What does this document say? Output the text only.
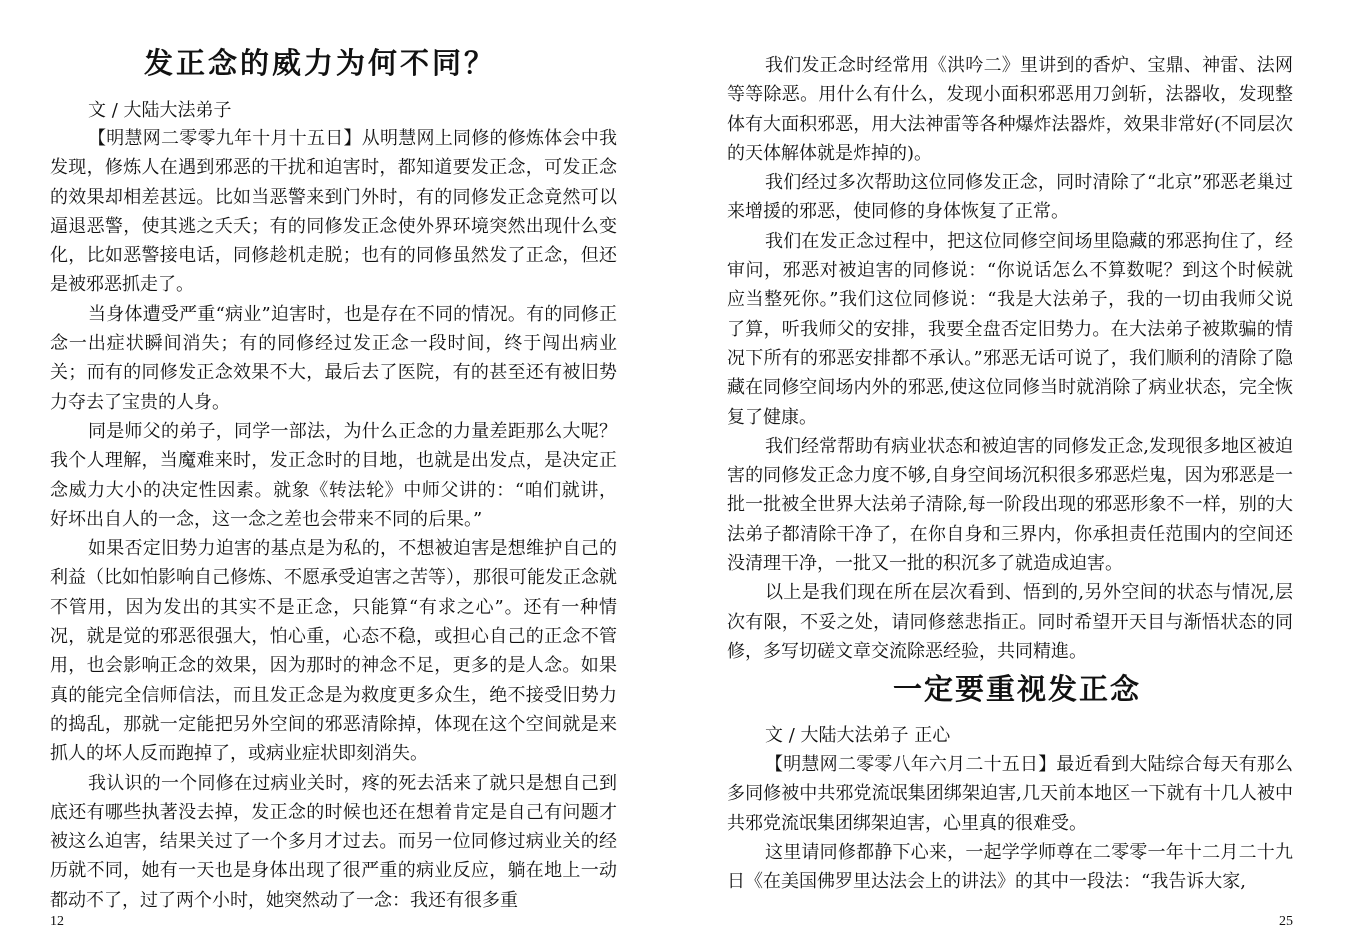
发正念的威力为何不同？
文 / 大陆大法弟子

【明慧网二零零九年十月十五日】从明慧网上同修的修炼体会中我发现，修炼人在遇到邪恶的干扰和迫害时，都知道要发正念，可发正念的效果却相差甚远。比如当恶警来到门外时，有的同修发正念竟然可以逼退恶警，使其逃之夭夭；有的同修发正念使外界环境突然出现什么变化，比如恶警接电话，同修趁机走脱；也有的同修虽然发了正念，但还是被邪恶抓走了。

当身体遭受严重“病业”迫害时，也是存在不同的情况。有的同修正念一出症状瞬间消失；有的同修经过发正念一段时间，终于闯出病业关；而有的同修发正念效果不大，最后去了医院，有的甚至还有被旧势力夺去了宝贵的人身。

同是师父的弟子，同学一部法，为什么正念的力量差距那么大呢？我个人理解，当魔难来时，发正念时的目地，也就是出发点，是决定正念威力大小的决定性因素。就象《转法轮》中师父讲的：“咱们就讲，好坏出自人的一念，这一念之差也会带来不同的后果。”

如果否定旧势力迫害的基点是为私的，不想被迫害是想维护自己的利益（比如怕影响自己修炼、不愿承受迫害之苦等），那很可能发正念就不管用，因为发出的其实不是正念，只能算“有求之心”。还有一种情况，就是觉的邪恶很强大，怕心重，心态不稳，或担心自己的正念不管用，也会影响正念的效果，因为那时的神念不足，更多的是人念。如果真的能完全信师信法，而且发正念是为救度更多众生，绝不接受旧势力的捣乱，那就一定能把另外空间的邪恶清除掉，体现在这个空间就是来抓人的坏人反而跑掉了，或病业症状即刻消失。

我认识的一个同修在过病业关时，疼的死去活来了就只是想自己到底还有哪些执著没去掉，发正念的时候也还在想着肯定是自己有问题才被这么迫害，结果关过了一个多月才过去。而另一位同修过病业关的经历就不同，她有一天也是身体出现了很严重的病业反应，躺在地上一动都动不了，过了两个小时，她突然动了一念：我还有很多重

12

我们发正念时经常用《洪吟二》里讲到的香炉、宝鼎、神雷、法网等等除恶。用什么有什么，发现小面积邪恶用刀剑斩，法器收，发现整体有大面积邪恶，用大法神雷等各种爆炸法器炸，效果非常好(不同层次的天体解体就是炸掉的)。

我们经过多次帮助这位同修发正念，同时清除了“北京”邪恶老巢过来增援的邪恶，使同修的身体恢复了正常。

我们在发正念过程中，把这位同修空间场里隐藏的邪恶拘住了，经审问，邪恶对被迫害的同修说：“你说话怎么不算数呢？到这个时候就应当整死你。”我们这位同修说：“我是大法弟子，我的一切由我师父说了算，听我师父的安排，我要全盘否定旧势力。在大法弟子被欺骗的情况下所有的邪恶安排都不承认。”邪恶无话可说了，我们顺利的清除了隐藏在同修空间场内外的邪恶,使这位同修当时就消除了病业状态，完全恢复了健康。

我们经常帮助有病业状态和被迫害的同修发正念,发现很多地区被迫害的同修发正念力度不够,自身空间场沉积很多邪恶烂鬼，因为邪恶是一批一批被全世界大法弟子清除,每一阶段出现的邪恶形象不一样，别的大法弟子都清除干净了，在你自身和三界内，你承担责任范围内的空间还没清理干净，一批又一批的积沉多了就造成迫害。

以上是我们现在所在层次看到、悟到的,另外空间的状态与情况,层次有限，不妥之处，请同修慈悲指正。同时希望开天目与渐悟状态的同修，多写切磋文章交流除恶经验，共同精進。

一定要重视发正念
文 / 大陆大法弟子 正心

【明慧网二零零八年六月二十五日】最近看到大陆综合每天有那么多同修被中共邪党流氓集团绑架迫害,几天前本地区一下就有十几人被中共邪党流氓集团绑架迫害，心里真的很难受。

这里请同修都静下心来，一起学学师尊在二零零一年十二月二十九日《在美国佛罗里达法会上的讲法》的其中一段法：“我告诉大家,

25
